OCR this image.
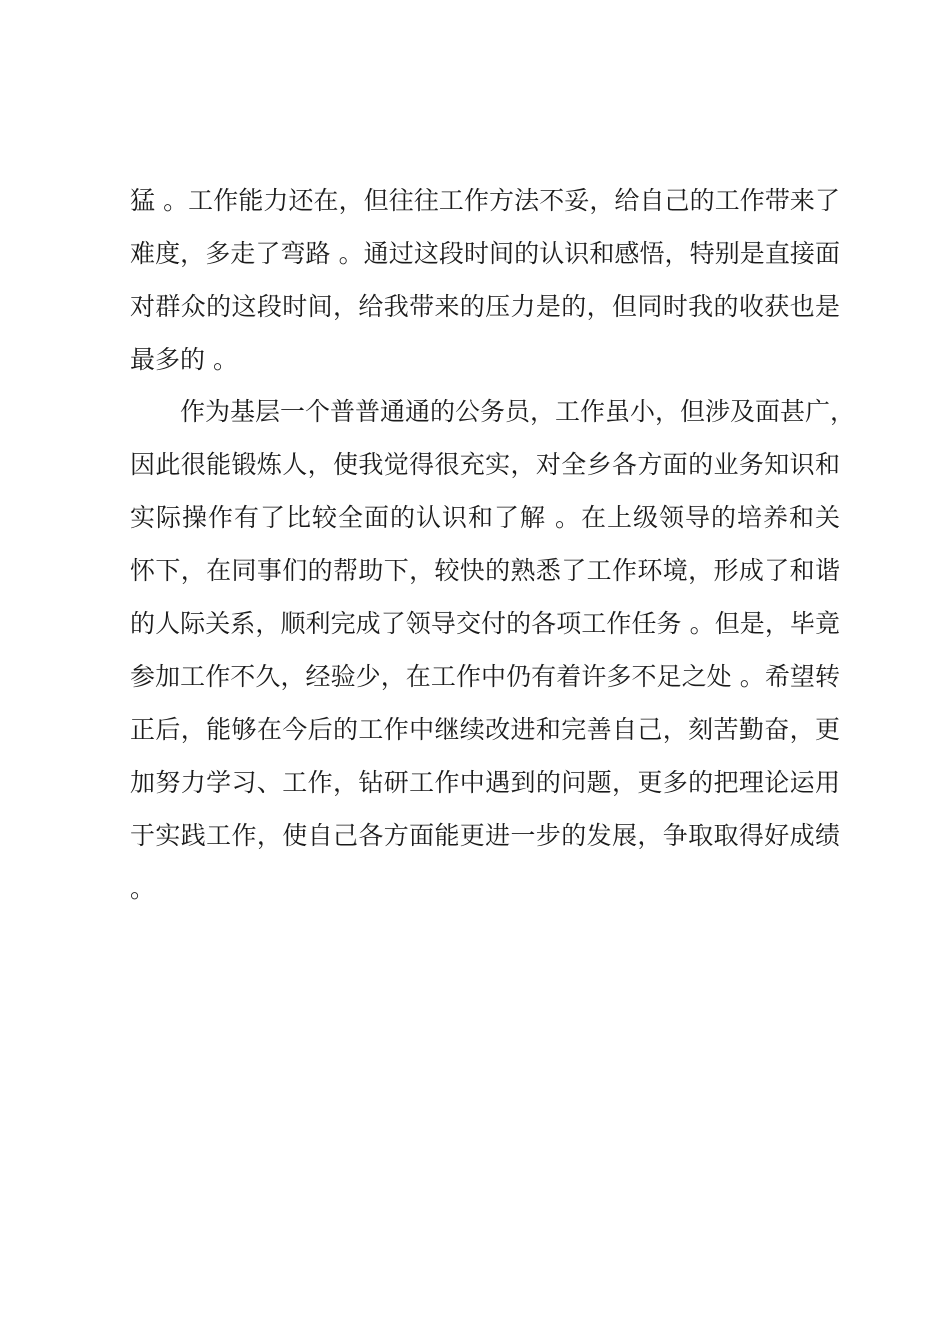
猛 。工作能力还在，但往往工作方法不妥，给自己的工作带来了
难度，多走了弯路 。通过这段时间的认识和感悟，特别是直接面
对群众的这段时间，给我带来的压力是的，但同时我的收获也是
最多的 。
作为基层一个普普通通的公务员，工作虽小，但涉及面甚广，
因此很能锻炼人，使我觉得很充实，对全乡各方面的业务知识和
实际操作有了比较全面的认识和了解 。在上级领导的培养和关
怀下，在同事们的帮助下，较快的熟悉了工作环境，形成了和谐
的人际关系，顺利完成了领导交付的各项工作任务 。但是，毕竟
参加工作不久，经验少，在工作中仍有着许多不足之处 。希望转
正后，能够在今后的工作中继续改进和完善自己，刻苦勤奋，更
加努力学习、工作，钻研工作中遇到的问题，更多的把理论运用
于实践工作，使自己各方面能更进一步的发展，争取取得好成绩
。
